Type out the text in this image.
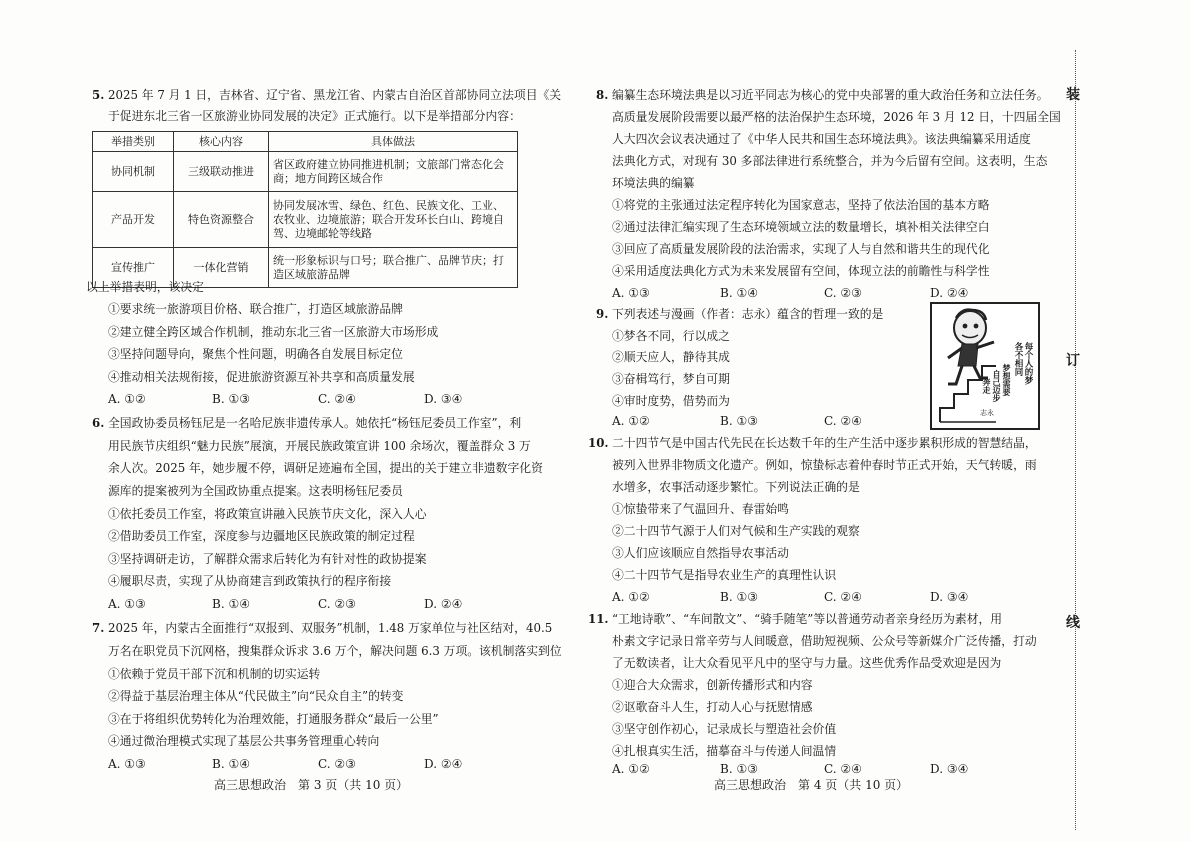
5. 2025 年 7 月 1 日，吉林省、辽宁省、黑龙江省、内蒙古自治区首部协同立法项目《关
于促进东北三省一区旅游业协同发展的决定》正式施行。以下是举措部分内容：
举措类别	核心内容	具体做法
协同机制	三级联动推进	省区政府建立协同推进机制；文旅部门常态化会商；地方间跨区域合作
产品开发	特色资源整合	协同发展冰雪、绿色、红色、民族文化、工业、农牧业、边境旅游；联合开发环长白山、跨境自驾、边境邮轮等线路
宣传推广	一体化营销	统一形象标识与口号；联合推广、品牌节庆；打造区域旅游品牌
以上举措表明，该决定
①要求统一旅游项目价格、联合推广，打造区域旅游品牌
②建立健全跨区域合作机制，推动东北三省一区旅游大市场形成
③坚持问题导向，聚焦个性问题，明确各自发展目标定位
④推动相关法规衔接，促进旅游资源互补共享和高质量发展
A. ①②	B. ①③	C. ②④	D. ③④
6. 全国政协委员杨钰尼是一名哈尼族非遗传承人。她依托“杨钰尼委员工作室”，利
用民族节庆组织“魅力民族”展演，开展民族政策宣讲 100 余场次，覆盖群众 3 万
余人次。2025 年，她步履不停，调研足迹遍布全国，提出的关于建立非遗数字化资
源库的提案被列为全国政协重点提案。这表明杨钰尼委员
①依托委员工作室，将政策宣讲融入民族节庆文化，深入人心
②借助委员工作室，深度参与边疆地区民族政策的制定过程
③坚持调研走访，了解群众需求后转化为有针对性的政协提案
④履职尽责，实现了从协商建言到政策执行的程序衔接
A. ①③	B. ①④	C. ②③	D. ②④
7. 2025 年，内蒙古全面推行“双报到、双服务”机制，1.48 万家单位与社区结对，40.5
万名在职党员下沉网格，搜集群众诉求 3.6 万个，解决问题 6.3 万项。该机制落实到位
①依赖于党员干部下沉和机制的切实运转
②得益于基层治理主体从“代民做主”向“民众自主”的转变
③在于将组织优势转化为治理效能，打通服务群众“最后一公里”
④通过微治理模式实现了基层公共事务管理重心转向
A. ①③	B. ①④	C. ②③	D. ②④
高三思想政治　第 3 页（共 10 页）
8. 编纂生态环境法典是以习近平同志为核心的党中央部署的重大政治任务和立法任务。
高质量发展阶段需要以最严格的法治保护生态环境，2026 年 3 月 12 日，十四届全国
人大四次会议表决通过了《中华人民共和国生态环境法典》。该法典编纂采用适度
法典化方式，对现有 30 多部法律进行系统整合，并为今后留有空间。这表明，生态
环境法典的编纂
①将党的主张通过法定程序转化为国家意志，坚持了依法治国的基本方略
②通过法律汇编实现了生态环境领域立法的数量增长，填补相关法律空白
③回应了高质量发展阶段的法治需求，实现了人与自然和谐共生的现代化
④采用适度法典化方式为未来发展留有空间，体现立法的前瞻性与科学性
A. ①③	B. ①④	C. ②③	D. ②④
9. 下列表述与漫画（作者：志永）蕴含的哲理一致的是
①梦各不同，行以成之
②顺天应人，静待其成
③奋楫笃行，梦自可期
④审时度势，借势而为
A. ①②	B. ①③	C. ②④
10. 二十四节气是中国古代先民在长达数千年的生产生活中逐步累积形成的智慧结晶，
被列入世界非物质文化遗产。例如，惊蛰标志着仲春时节正式开始，天气转暖，雨
水增多，农事活动逐步繁忙。下列说法正确的是
①惊蛰带来了气温回升、春雷始鸣
②二十四节气源于人们对气候和生产实践的观察
③人们应该顺应自然指导农事活动
④二十四节气是指导农业生产的真理性认识
A. ①②	B. ①③	C. ②④	D. ③④
11. “工地诗歌”、“车间散文”、“骑手随笔”等以普通劳动者亲身经历为素材，用
朴素文字记录日常辛劳与人间暖意，借助短视频、公众号等新媒介广泛传播，打动
了无数读者，让大众看见平凡中的坚守与力量。这些优秀作品受欢迎是因为
①迎合大众需求，创新传播形式和内容
②讴歌奋斗人生，打动人心与抚慰情感
③坚守创作初心，记录成长与塑造社会价值
④扎根真实生活，描摹奋斗与传递人间温情
A. ①②	B. ①③	C. ②④	D. ③④
高三思想政治　第 4 页（共 10 页）
每个人的梦
各不相同
梦想需要
自己迈步
奔走
志永
装
订
线
